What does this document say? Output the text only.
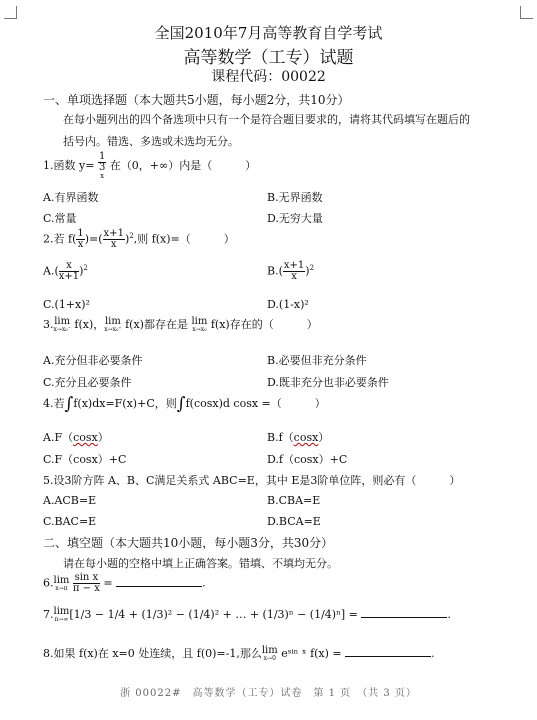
全国2010年7月高等教育自学考试
高等数学（工专）试题
课程代码：00022
一、单项选择题（本大题共5小题，每小题2分，共10分）
在每小题列出的四个备选项中只有一个是符合题目要求的，请将其代码填写在题后的
括号内。错选、多选或未选均无分。
1.函数 y= 1
3
x 在（0，+∞）内是（　　　）
A.有界函数	B.无界函数
C.常量	D.无穷大量
2.若 $f( \frac{1}{x}$ )=( $\frac{x+1}{x} )^2$,则 f(x)=（　　　）
$A.( \frac{x}{x+1} )^2$	$B.( \frac{x+1}{x} )^2$
C.(1+x)²	D.(1-x)²
3. lim
x→x₀⁻ f(x)， lim
x→x₀⁺ f(x)都存在是 lim
x→x₀ f(x)存在的（　　　）
A.充分但非必要条件	B.必要但非充分条件
C.充分且必要条件	D.既非充分也非必要条件
4.若∫f(x)dx=F(x)+C，则∫f(cosx)d cosx =（　　　）
A.F（cosx）	B.f（cosx）
C.F（cosx）+C	D.f（cosx）+C
5.设3阶方阵 A、B、C满足关系式 ABC=E，其中 E是3阶单位阵，则必有（　　　）
A.ACB=E	B.CBA=E
C.BAC=E	D.BCA=E
二、填空题（本大题共10小题，每小题3分，共30分）
请在每小题的空格中填上正确答案。错填、不填均无分。
6. lim
x→π
$\frac{\text{sin x}}{\pi - x}$ =	.
7. lim
n→∞ [1/3 − 1/4 + (1/3)² − (1/4)² + … + (1/3)ⁿ − (1/4)ⁿ] =	.
8.如果 f(x)在 x=0 处连续，且 f(0)=-1,那么 lim
x→0 eˢⁱⁿ ˣ f(x) =	.
浙 00022#　高等数学（工专）试卷　第 1 页　（共 3 页）
